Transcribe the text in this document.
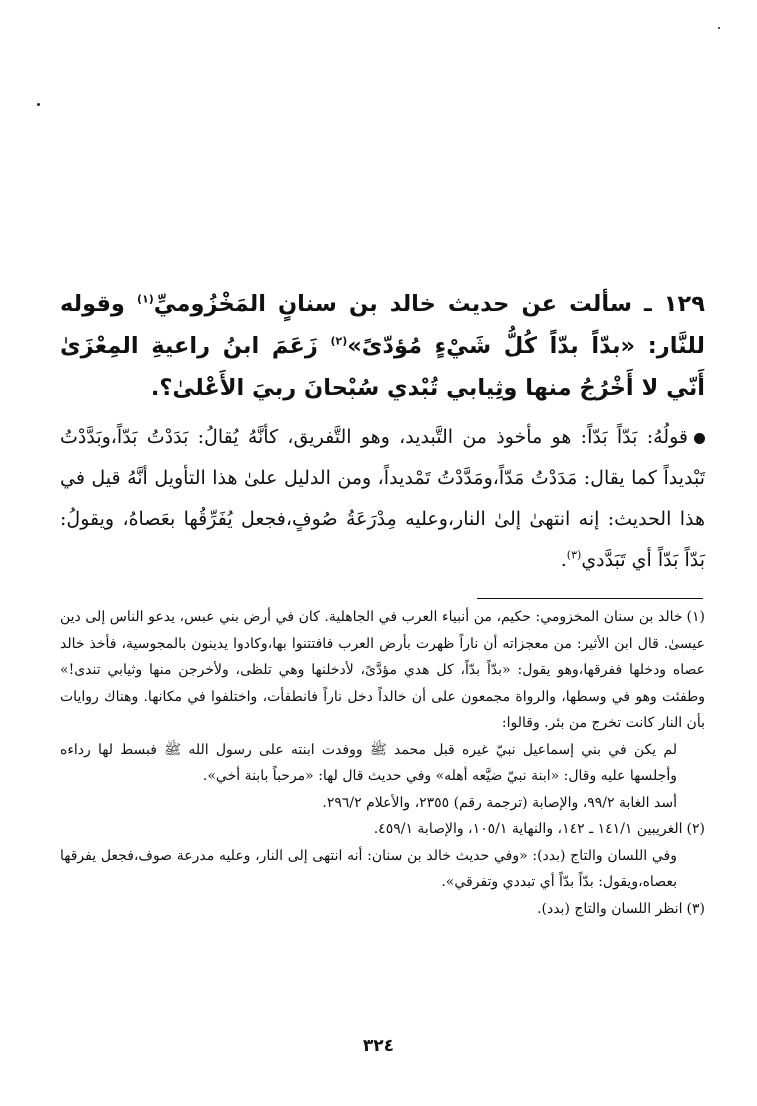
١٢٩ ـ سألت عن حديث خالد بن سنانٍ المَخْزُوميِّ$^{(١)}$ وقوله للنَّار: «بدّاً بدّاً كُلُّ شَيْءٍ مُؤدّىً»$^{(٢)}$ زَعَمَ ابنُ راعيةِ المِعْزَىٰ أَنّي لا أَخْرُجُ منها وثِيابي تُبْدي سُبْحانَ ربيَ الأَعْلىٰ؟.

قولُهُ: بَدّاً بَدّاً: هو مأخوذ من التَّبديد، وهو التَّفريق، كأنَّهُ يُقالُ: بَدَدْتُ بَدّاً،وبَدَّدْتُ تَبْديداً كما يقال: مَدَدْتُ مَدّاً،ومَدَّدْتُ تَمْديداً، ومن الدليل علىٰ هذا التأويل أنَّهُ قيل في هذا الحديث: إنه انتهىٰ إلىٰ النار،وعليه مِدْرَعَةُ صُوفٍ،فجعل يُفَرِّقُها بعَصاهُ، ويقولُ: بَدّاً بَدّاً أي تَبَدَّدي$^{(٣)}$.

(١)خالد بن سنان المخزومي: حكيم، من أنبياء العرب في الجاهلية. كان في أرض بني عبس، يدعو الناس إلى دين عيسىٰ. قال ابن الأثير: من معجزاته أن ناراً ظهرت بأرض العرب فافتتنوا بها،وكادوا يدينون بالمجوسية، فأخذ خالد عصاه ودخلها ففرقها،وهو يقول: «بدّاً بدّاً، كل هدي مؤدَّىً، لأدخلنها وهي تلظى، ولأخرجن منها وثيابي تندى!» وطفئت وهو في وسطها، والرواة مجمعون على أن خالداً دخل ناراً فانطفأت، واختلفوا في مكانها. وهناك روايات بأن النار كانت تخرج من بئر. وقالوا:

لم يكن في بني إسماعيل نبيّ غيره قبل محمد ﷺ ووفدت ابنته على رسول الله ﷺ فبسط لها رداءه وأجلسها عليه وقال: «ابنة نبيّ ضيَّعه أهله» وفي حديث قال لها: «مرحباً بابنة أخي».

أسد الغابة ٩٩/٢، والإصابة (ترجمة رقم) ٢٣٥٥، والأعلام ٢٩٦/٢.

(٢)الغريبين ١٤١/١ ـ ١٤٢، والنهاية ١٠٥/١، والإصابة ٤٥٩/١.

وفي اللسان والتاج (بدد): «وفي حديث خالد بن سنان: أنه انتهى إلى النار، وعليه مدرعة صوف،فجعل يفرقها بعصاه،ويقول: بدّاً بدّاً أي تبددي وتفرقي».

(٣)انظر اللسان والتاج (بدد).

٣٢٤
